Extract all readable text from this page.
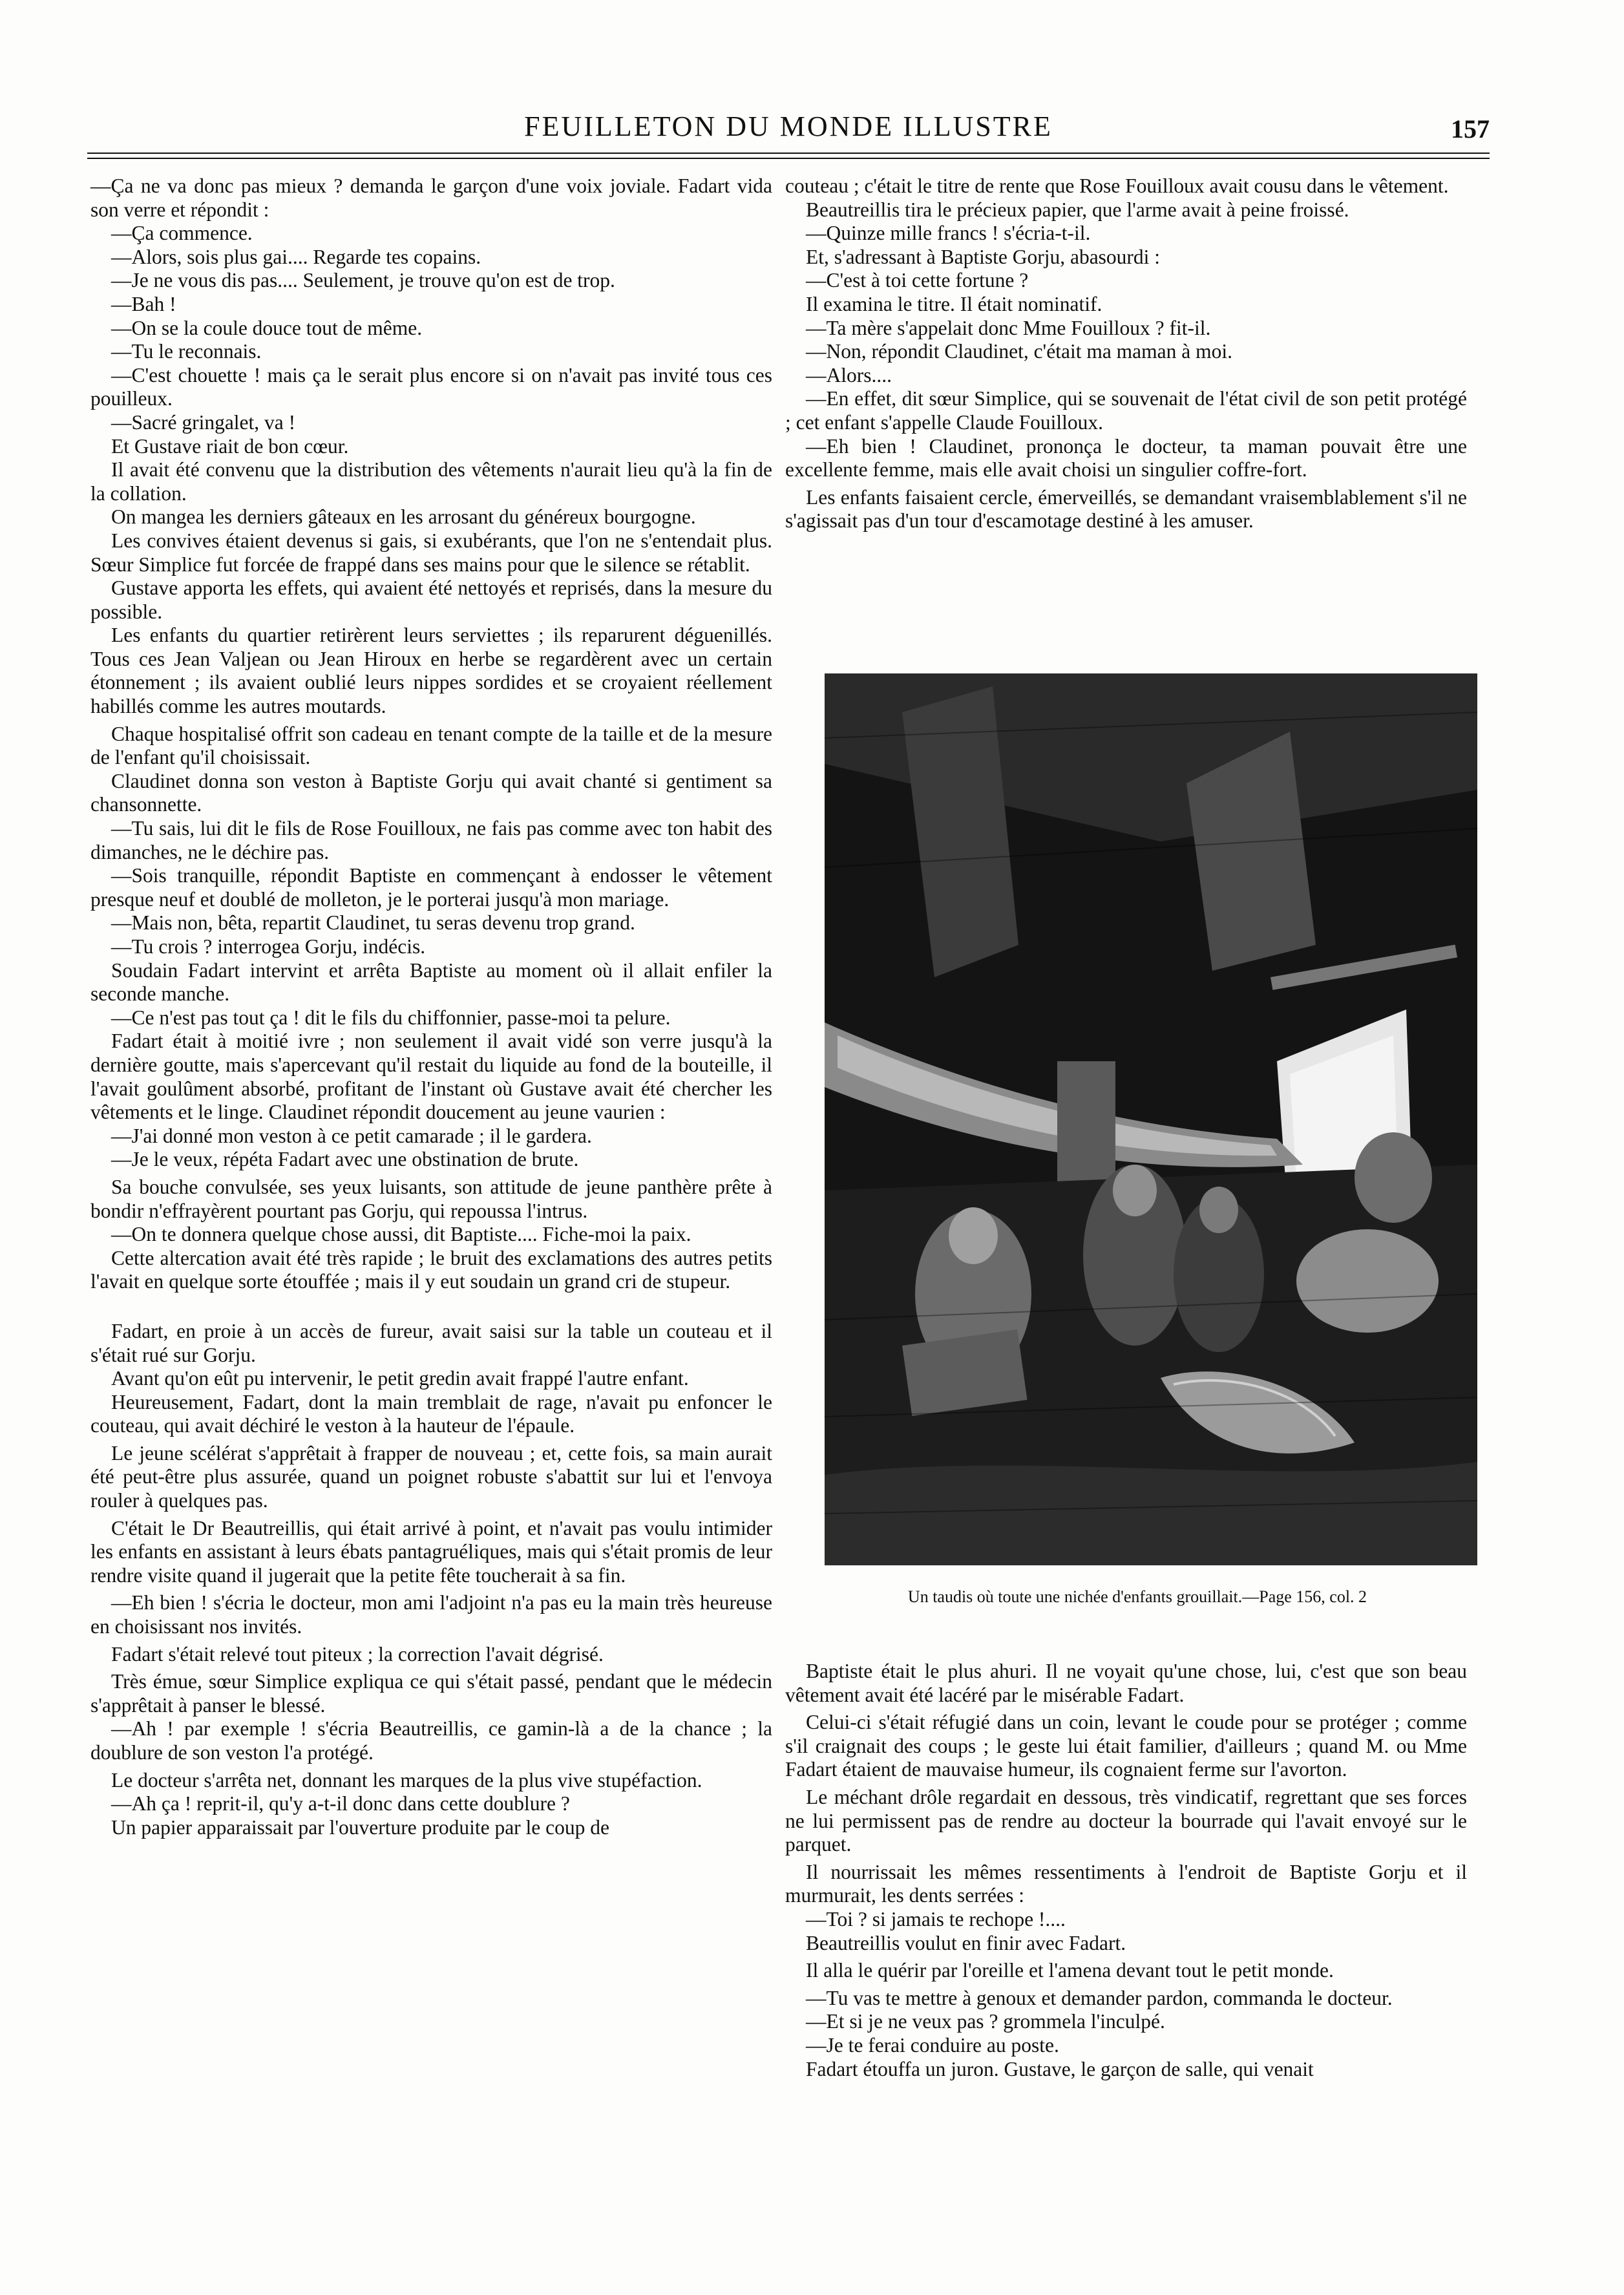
FEUILLETON DU MONDE ILLUSTRE	157

—Ça ne va donc pas mieux ? demanda le garçon d'une voix joviale. Fadart vida son verre et répondit :

—Ça commence.

—Alors, sois plus gai.... Regarde tes copains.

—Je ne vous dis pas.... Seulement, je trouve qu'on est de trop.

—Bah !

—On se la coule douce tout de même.

—Tu le reconnais.

—C'est chouette ! mais ça le serait plus encore si on n'avait pas invité tous ces pouilleux.

—Sacré gringalet, va !

Et Gustave riait de bon cœur.

Il avait été convenu que la distribution des vêtements n'aurait lieu qu'à la fin de la collation.

On mangea les derniers gâteaux en les arrosant du généreux bourgogne.

Les convives étaient devenus si gais, si exubérants, que l'on ne s'entendait plus. Sœur Simplice fut forcée de frappé dans ses mains pour que le silence se rétablit.

Gustave apporta les effets, qui avaient été nettoyés et reprisés, dans la mesure du possible.

Les enfants du quartier retirèrent leurs serviettes ; ils reparurent déguenillés. Tous ces Jean Valjean ou Jean Hiroux en herbe se regardèrent avec un certain étonnement ; ils avaient oublié leurs nippes sordides et se croyaient réellement habillés comme les autres moutards.

Chaque hospitalisé offrit son cadeau en tenant compte de la taille et de la mesure de l'enfant qu'il choisissait.

Claudinet donna son veston à Baptiste Gorju qui avait chanté si gentiment sa chansonnette.

—Tu sais, lui dit le fils de Rose Fouilloux, ne fais pas comme avec ton habit des dimanches, ne le déchire pas.

—Sois tranquille, répondit Baptiste en commençant à endosser le vêtement presque neuf et doublé de molleton, je le porterai jusqu'à mon mariage.

—Mais non, bêta, repartit Claudinet, tu seras devenu trop grand.

—Tu crois ? interrogea Gorju, indécis.

Soudain Fadart intervint et arrêta Baptiste au moment où il allait enfiler la seconde manche.

—Ce n'est pas tout ça ! dit le fils du chiffonnier, passe-moi ta pelure.

Fadart était à moitié ivre ; non seulement il avait vidé son verre jusqu'à la dernière goutte, mais s'apercevant qu'il restait du liquide au fond de la bouteille, il l'avait goulûment absorbé, profitant de l'instant où Gustave avait été chercher les vêtements et le linge. Claudinet répondit doucement au jeune vaurien :

—J'ai donné mon veston à ce petit camarade ; il le gardera.

—Je le veux, répéta Fadart avec une obstination de brute.

Sa bouche convulsée, ses yeux luisants, son attitude de jeune panthère prête à bondir n'effrayèrent pourtant pas Gorju, qui repoussa l'intrus.

—On te donnera quelque chose aussi, dit Baptiste.... Fiche-moi la paix.

Cette altercation avait été très rapide ; le bruit des exclamations des autres petits l'avait en quelque sorte étouffée ; mais il y eut soudain un grand cri de stupeur.

Fadart, en proie à un accès de fureur, avait saisi sur la table un couteau et il s'était rué sur Gorju.

Avant qu'on eût pu intervenir, le petit gredin avait frappé l'autre enfant.

Heureusement, Fadart, dont la main tremblait de rage, n'avait pu enfoncer le couteau, qui avait déchiré le veston à la hauteur de l'épaule.

Le jeune scélérat s'apprêtait à frapper de nouveau ; et, cette fois, sa main aurait été peut-être plus assurée, quand un poignet robuste s'abattit sur lui et l'envoya rouler à quelques pas.

C'était le Dr Beautreillis, qui était arrivé à point, et n'avait pas voulu intimider les enfants en assistant à leurs ébats pantagruéliques, mais qui s'était promis de leur rendre visite quand il jugerait que la petite fête toucherait à sa fin.

—Eh bien ! s'écria le docteur, mon ami l'adjoint n'a pas eu la main très heureuse en choisissant nos invités.

Fadart s'était relevé tout piteux ; la correction l'avait dégrisé.

Très émue, sœur Simplice expliqua ce qui s'était passé, pendant que le médecin s'apprêtait à panser le blessé.

—Ah ! par exemple ! s'écria Beautreillis, ce gamin-là a de la chance ; la doublure de son veston l'a protégé.

Le docteur s'arrêta net, donnant les marques de la plus vive stupéfaction.

—Ah ça ! reprit-il, qu'y a-t-il donc dans cette doublure ?

Un papier apparaissait par l'ouverture produite par le coup de

couteau ; c'était le titre de rente que Rose Fouilloux avait cousu dans le vêtement.

Beautreillis tira le précieux papier, que l'arme avait à peine froissé.

—Quinze mille francs ! s'écria-t-il.

Et, s'adressant à Baptiste Gorju, abasourdi :

—C'est à toi cette fortune ?

Il examina le titre. Il était nominatif.

—Ta mère s'appelait donc Mme Fouilloux ? fit-il.

—Non, répondit Claudinet, c'était ma maman à moi.

—Alors....

—En effet, dit sœur Simplice, qui se souvenait de l'état civil de son petit protégé ; cet enfant s'appelle Claude Fouilloux.

—Eh bien ! Claudinet, prononça le docteur, ta maman pouvait être une excellente femme, mais elle avait choisi un singulier coffre-fort.

Les enfants faisaient cercle, émerveillés, se demandant vraisemblablement s'il ne s'agissait pas d'un tour d'escamotage destiné à les amuser.

Un taudis où toute une nichée d'enfants grouillait.—Page 156, col. 2

Baptiste était le plus ahuri. Il ne voyait qu'une chose, lui, c'est que son beau vêtement avait été lacéré par le misérable Fadart.

Celui-ci s'était réfugié dans un coin, levant le coude pour se protéger ; comme s'il craignait des coups ; le geste lui était familier, d'ailleurs ; quand M. ou Mme Fadart étaient de mauvaise humeur, ils cognaient ferme sur l'avorton.

Le méchant drôle regardait en dessous, très vindicatif, regrettant que ses forces ne lui permissent pas de rendre au docteur la bourrade qui l'avait envoyé sur le parquet.

Il nourrissait les mêmes ressentiments à l'endroit de Baptiste Gorju et il murmurait, les dents serrées :

—Toi ? si jamais te rechope !....

Beautreillis voulut en finir avec Fadart.

Il alla le quérir par l'oreille et l'amena devant tout le petit monde.

—Tu vas te mettre à genoux et demander pardon, commanda le docteur.

—Et si je ne veux pas ? grommela l'inculpé.

—Je te ferai conduire au poste.

Fadart étouffa un juron. Gustave, le garçon de salle, qui venait
